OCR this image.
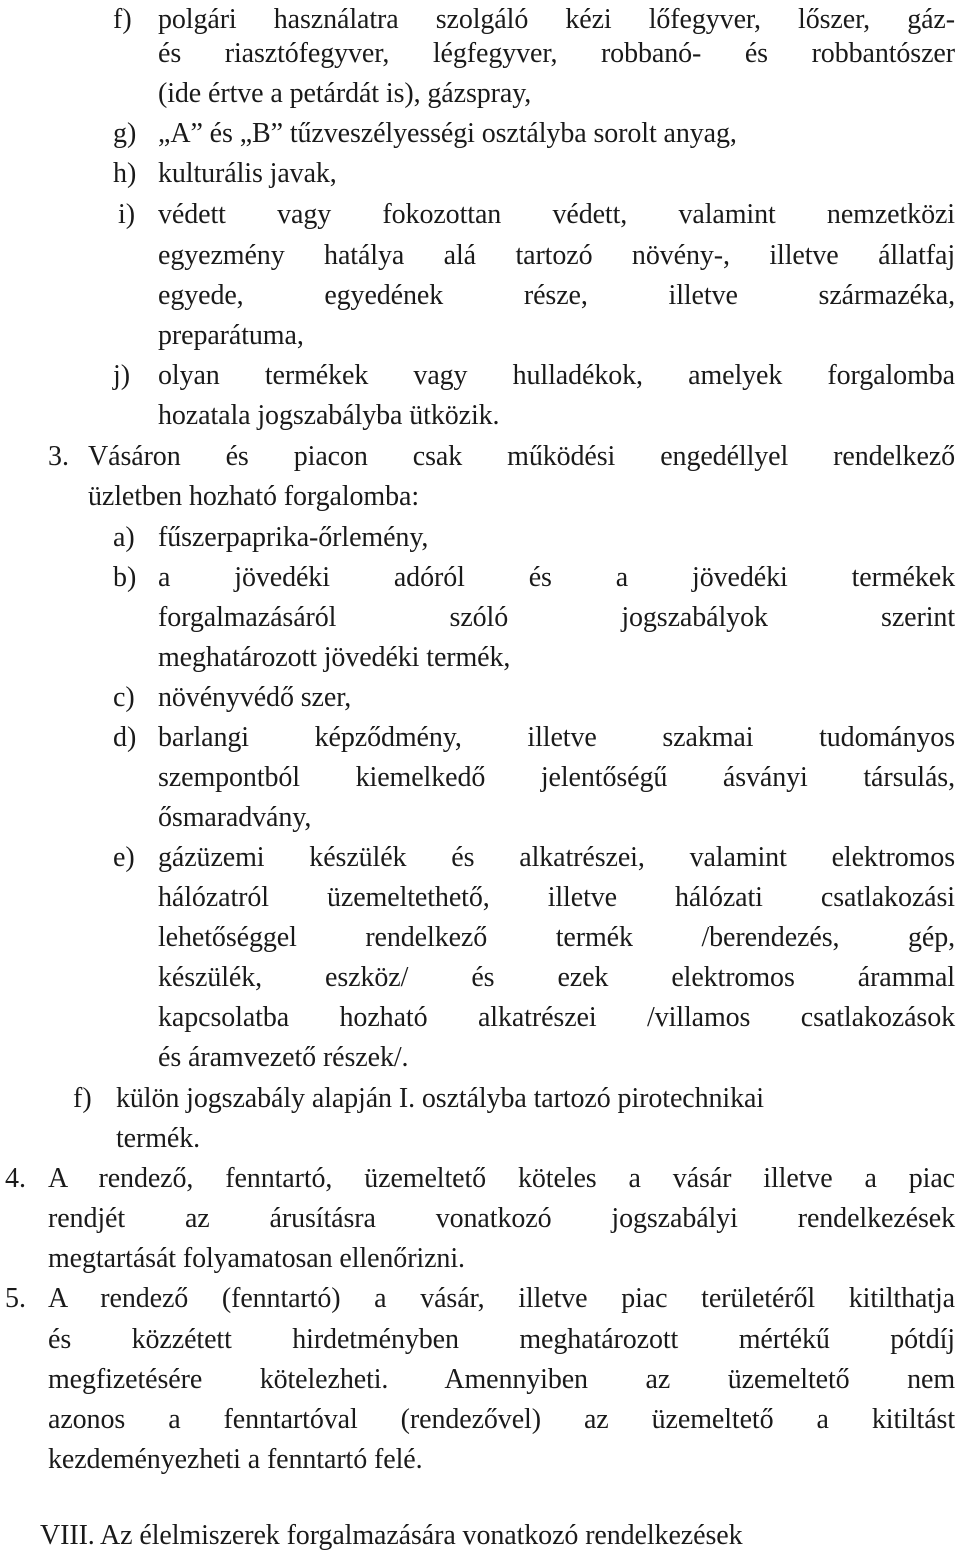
f) polgári használatra szolgáló kézi lőfegyver, lőszer, gáz-
és riasztófegyver, légfegyver, robbanó- és robbantószer
(ide értve a petárdát is), gázspray,
g) „A” és „B” tűzveszélyességi osztályba sorolt anyag,
h) kulturális javak,
i) védett vagy fokozottan védett, valamint nemzetközi
egyezmény hatálya alá tartozó növény-, illetve állatfaj
egyede, egyedének része, illetve származéka,
preparátuma,
j) olyan termékek vagy hulladékok, amelyek forgalomba
hozatala jogszabályba ütközik.
3. Vásáron és piacon csak működési engedéllyel rendelkező
üzletben hozható forgalomba:
a) fűszerpaprika-őrlemény,
b) a jövedéki adóról és a jövedéki termékek
forgalmazásáról szóló jogszabályok szerint
meghatározott jövedéki termék,
c) növényvédő szer,
d) barlangi képződmény, illetve szakmai tudományos
szempontból kiemelkedő jelentőségű ásványi társulás,
ősmaradvány,
e) gázüzemi készülék és alkatrészei, valamint elektromos
hálózatról üzemeltethető, illetve hálózati csatlakozási
lehetőséggel rendelkező termék /berendezés, gép,
készülék, eszköz/ és ezek elektromos árammal
kapcsolatba hozható alkatrészei /villamos csatlakozások
és áramvezető részek/.
f) külön jogszabály alapján I. osztályba tartozó pirotechnikai
termék.
4. A rendező, fenntartó, üzemeltető köteles a vásár illetve a piac
rendjét az árusításra vonatkozó jogszabályi rendelkezések
megtartását folyamatosan ellenőrizni.
5. A rendező (fenntartó) a vásár, illetve piac területéről kitilthatja
és közzétett hirdetményben meghatározott mértékű pótdíj
megfizetésére kötelezheti. Amennyiben az üzemeltető nem
azonos a fenntartóval (rendezővel) az üzemeltető a kitiltást
kezdeményezheti a fenntartó felé.
VIII. Az élelmiszerek forgalmazására vonatkozó rendelkezések
